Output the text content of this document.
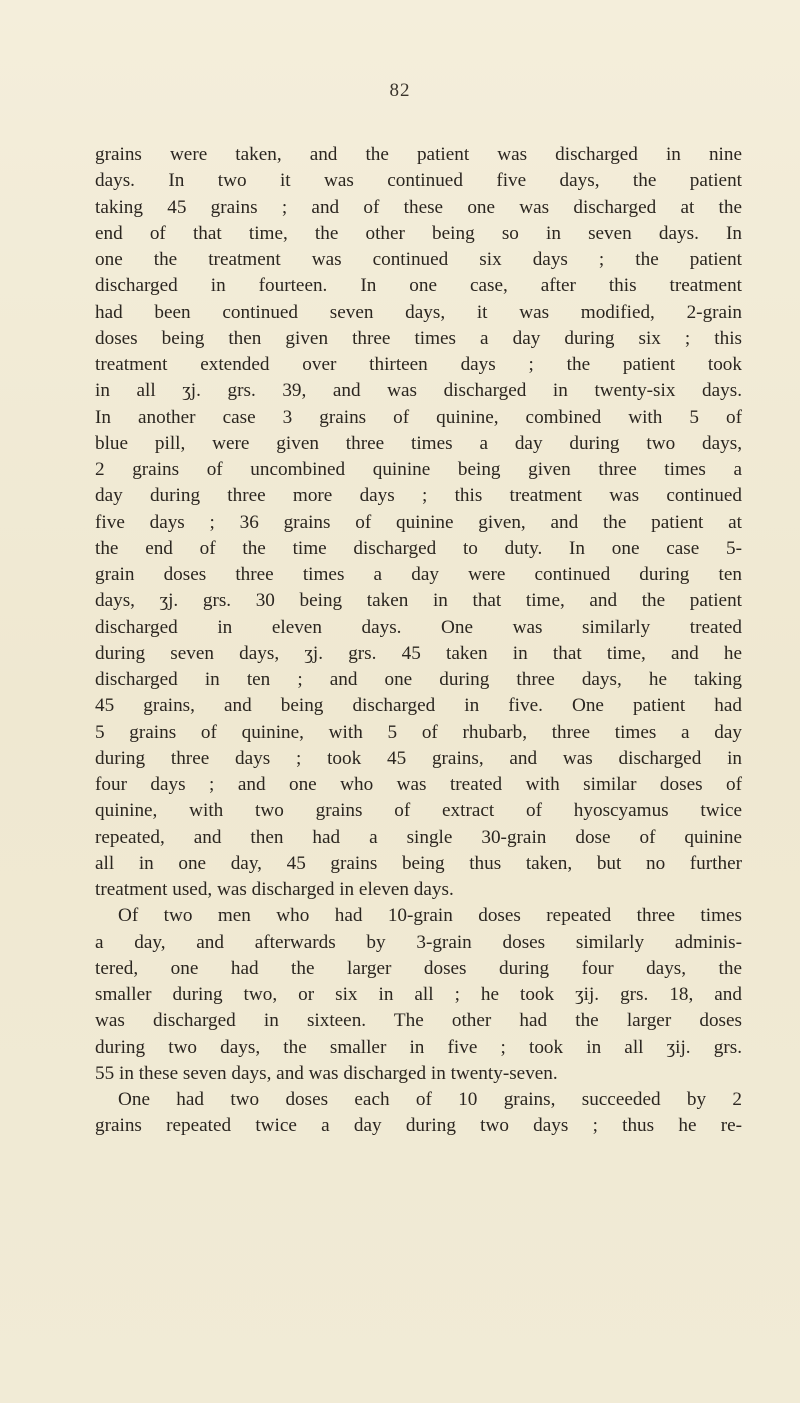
82
grains were taken, and the patient was discharged in nine
days. In two it was continued five days, the patient
taking 45 grains ; and of these one was discharged at the
end of that time, the other being so in seven days. In
one the treatment was continued six days ; the patient
discharged in fourteen. In one case, after this treatment
had been continued seven days, it was modified, 2-grain
doses being then given three times a day during six ; this
treatment extended over thirteen days ; the patient took
in all ʒj. grs. 39, and was discharged in twenty-six days.
In another case 3 grains of quinine, combined with 5 of
blue pill, were given three times a day during two days,
2 grains of uncombined quinine being given three times a
day during three more days ; this treatment was continued
five days ; 36 grains of quinine given, and the patient at
the end of the time discharged to duty. In one case 5-
grain doses three times a day were continued during ten
days, ʒj. grs. 30 being taken in that time, and the patient
discharged in eleven days. One was similarly treated
during seven days, ʒj. grs. 45 taken in that time, and he
discharged in ten ; and one during three days, he taking
45 grains, and being discharged in five. One patient had
5 grains of quinine, with 5 of rhubarb, three times a day
during three days ; took 45 grains, and was discharged in
four days ; and one who was treated with similar doses of
quinine, with two grains of extract of hyoscyamus twice
repeated, and then had a single 30-grain dose of quinine
all in one day, 45 grains being thus taken, but no further
treatment used, was discharged in eleven days.
Of two men who had 10-grain doses repeated three times
a day, and afterwards by 3-grain doses similarly adminis-
tered, one had the larger doses during four days, the
smaller during two, or six in all ; he took ʒij. grs. 18, and
was discharged in sixteen. The other had the larger doses
during two days, the smaller in five ; took in all ʒij. grs.
55 in these seven days, and was discharged in twenty-seven.
One had two doses each of 10 grains, succeeded by 2
grains repeated twice a day during two days ; thus he re-
